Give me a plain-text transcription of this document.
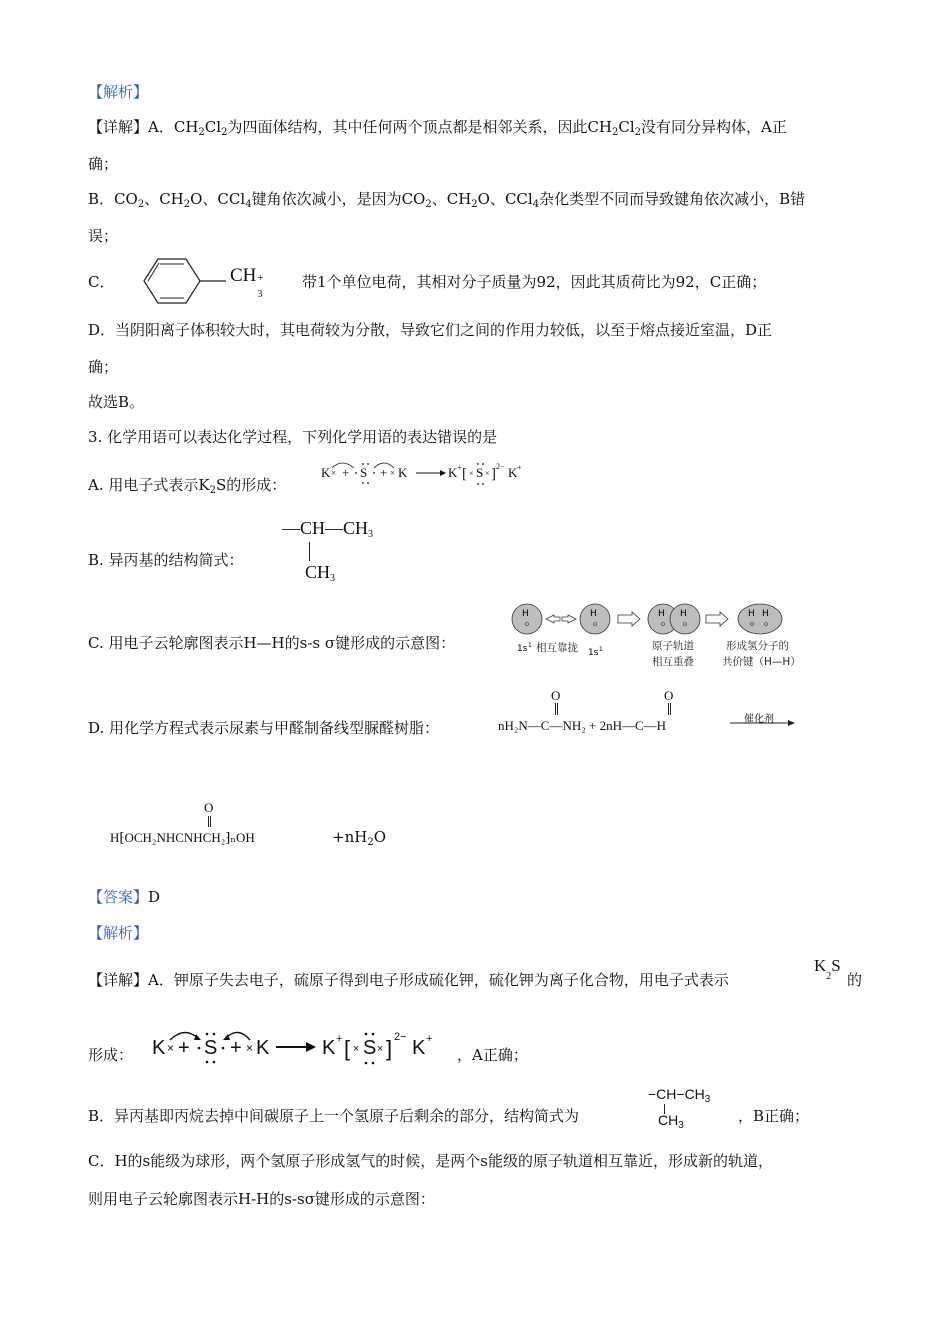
【解析】
【详解】A．$CH_2Cl_2$为四面体结构，其中任何两个顶点都是相邻关系，因此$CH_2Cl_2$没有同分异构体，A正
确；
B．$CO_2$、$CH_2O$、CCl$_4$键角依次减小，是因为$CO_2$、$CH_2O$、CCl$_4$杂化类型不同而导致键角依次减小，B错
误；
C．	CH +
3
带1个单位电荷，其相对分子质量为92，因此其质荷比为92，C正确；
D．当阴阳离子体积较大时，其电荷较为分散，导致它们之间的作用力较低，以至于熔点接近室温，D正
确；
故选B。
3. 化学用语可以表达化学过程，下列化学用语的表达错误的是
A. 用电子式表示$K_2S$的形成：
K × + S + × K	K + [ × S × ] 2− K +
B. 异丙基的结构简式：
$—CH—CH_3$
$CH_3$
C. 用电子云轮廓图表示H—H的s-s σ键形成的示意图：
H
1s 1
H
1s 1
H H	H H
相互靠拢	原子轨道
相互重叠
形成氢分子的
共价键（H—H）
D. 用化学方程式表示尿素与甲醛制备线型脲醛树脂：
O	O
nH₂N—C—NH₂ + 2nH—C—H	催化剂
O
H⁅OCH₂NHCNHCH₂⁆ₙOH	$+nH_2O$
【答案】D
【解析】
【详解】A．钾原子失去电子，硫原子得到电子形成硫化钾，硫化钾为离子化合物，用电子式表示
$K_2S$
的
形成： K × + S + × K	K + [ × S × ] 2− K +
，A正确；
B．异丙基即丙烷去掉中间碳原子上一个氢原子后剩余的部分，结构简式为
$-CH-CH_3$
$CH_3$
，B正确；
C．H的s能级为球形，两个氢原子形成氢气的时候，是两个s能级的原子轨道相互靠近，形成新的轨道，
则用电子云轮廓图表示H-H的s-sσ键形成的示意图：
